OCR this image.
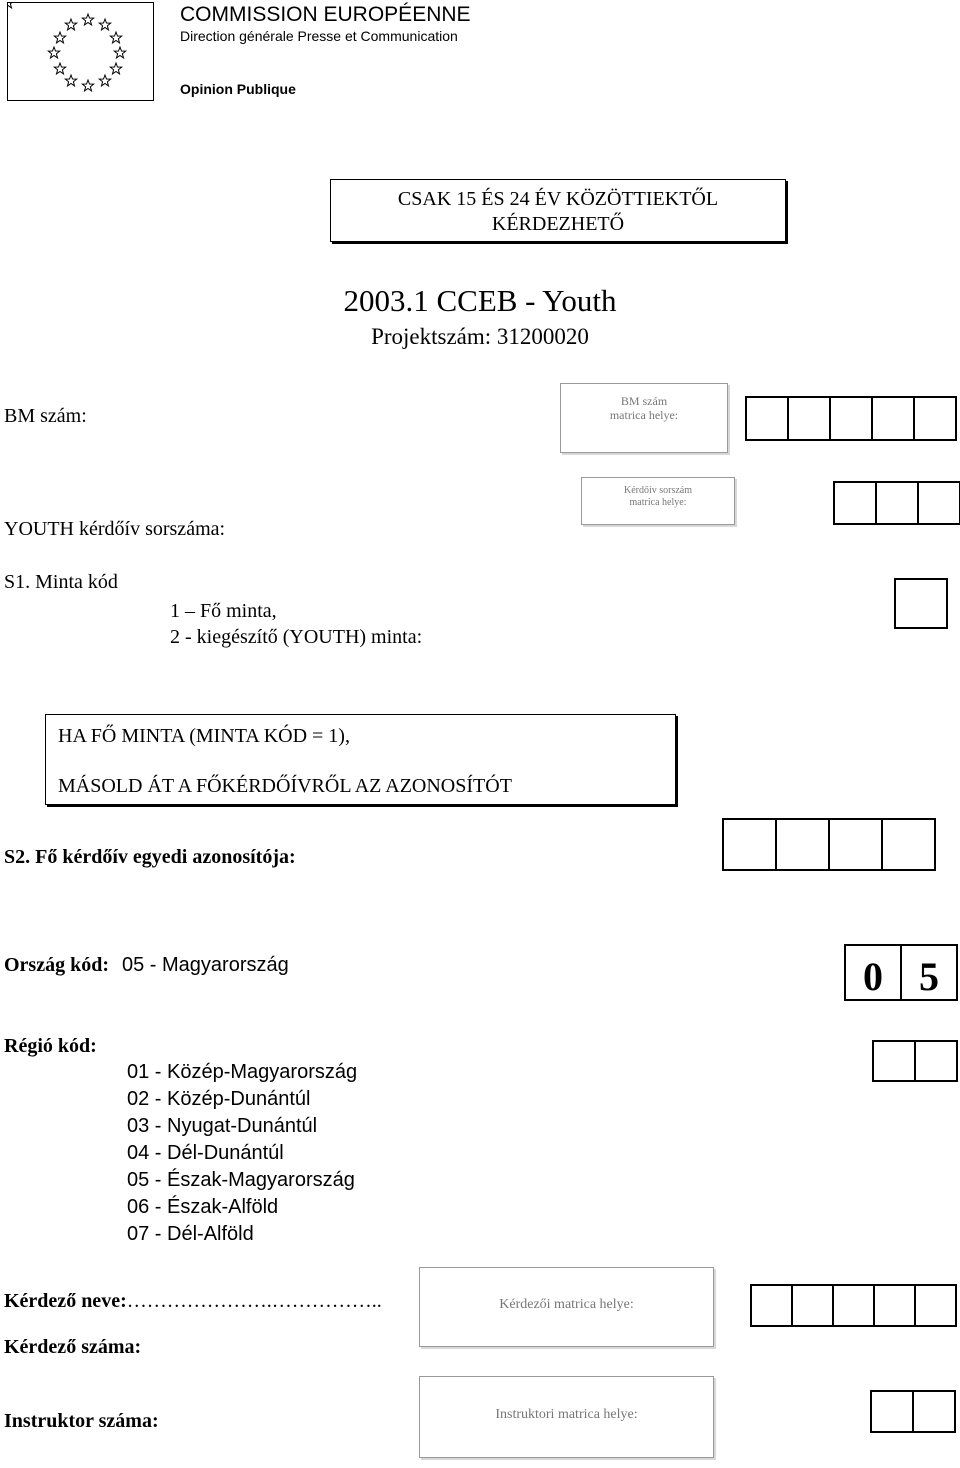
COMMISSION EUROPÉENNE
Direction générale Presse et Communication
Opinion Publique
CSAK 15 ÉS 24 ÉV KÖZÖTTIEKTŐL
KÉRDEZHETŐ
2003.1 CCEB - Youth
Projektszám: 31200020
BM szám:
BM szám
matrica helye:
YOUTH kérdőív sorszáma:
Kérdőív sorszám
matrica helye:
S1. Minta kód
1 – Fő minta,
2 - kiegészítő (YOUTH) minta:
HA FŐ MINTA (MINTA KÓD = 1),
MÁSOLD ÁT A FŐKÉRDŐÍVRŐL AZ AZONOSÍTÓT
S2. Fő kérdőív egyedi azonosítója:
Ország kód: 05 - Magyarország	0 5
Régió kód:
01 - Közép-Magyarország
02 - Közép-Dunántúl
03 - Nyugat-Dunántúl
04 - Dél-Dunántúl
05 - Észak-Magyarország
06 - Észak-Alföld
07 - Dél-Alföld
Kérdező neve:………………….……………..	Kérdezői matrica helye:
Kérdező száma:
Instruktor száma:	Instruktori matrica helye:
